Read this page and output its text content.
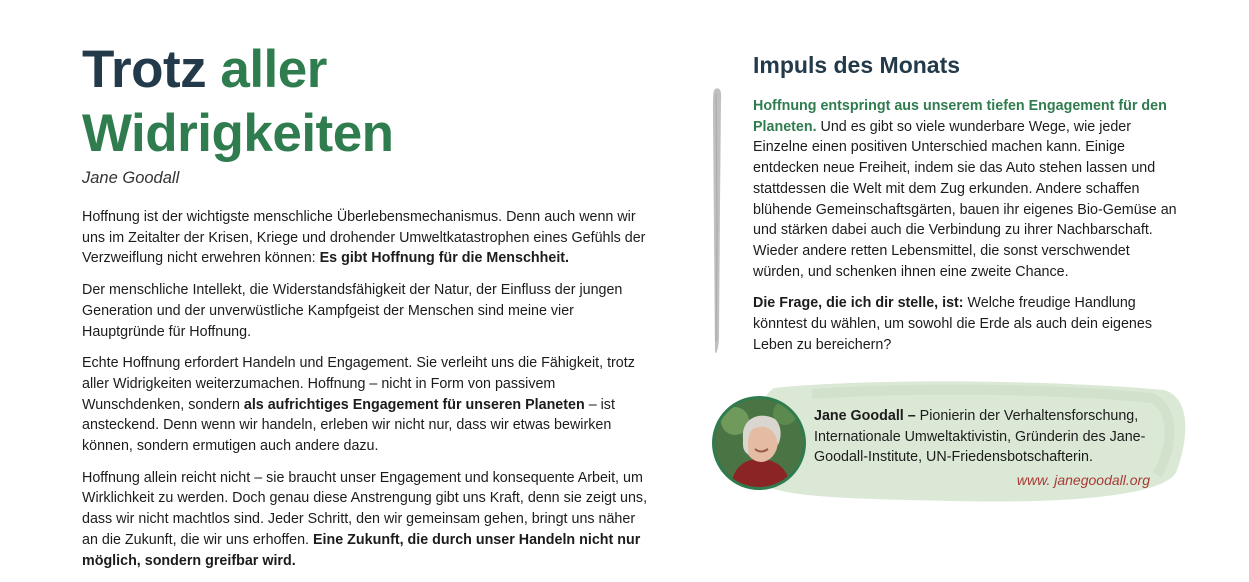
Trotz aller Widrigkeiten
Jane Goodall

Hoffnung ist der wichtigste menschliche Überlebensmechanismus. Denn auch wenn wir uns im Zeitalter der Krisen, Kriege und drohender Umweltkatastrophen eines Gefühls der Verzweiflung nicht erwehren können: Es gibt Hoffnung für die Menschheit.

Der menschliche Intellekt, die Widerstandsfähigkeit der Natur, der Einfluss der jungen Generation und der unverwüstliche Kampfgeist der Menschen sind meine vier Hauptgründe für Hoffnung.

Echte Hoffnung erfordert Handeln und Engagement. Sie verleiht uns die Fähigkeit, trotz aller Widrigkeiten weiterzumachen. Hoffnung – nicht in Form von passivem Wunschdenken, sondern als aufrichtiges Engagement für unseren Planeten – ist ansteckend. Denn wenn wir handeln, erleben wir nicht nur, dass wir etwas bewirken können, sondern ermutigen auch andere dazu.

Hoffnung allein reicht nicht – sie braucht unser Engagement und konsequente Arbeit, um Wirklichkeit zu werden. Doch genau diese Anstrengung gibt uns Kraft, denn sie zeigt uns, dass wir nicht machtlos sind. Jeder Schritt, den wir gemeinsam gehen, bringt uns näher an die Zukunft, die wir uns erhoffen. Eine Zukunft, die durch unser Handeln nicht nur möglich, sondern greifbar wird.

Impuls des Monats

Hoffnung entspringt aus unserem tiefen Engagement für den Planeten. Und es gibt so viele wunderbare Wege, wie jeder Einzelne einen positiven Unterschied machen kann. Einige entdecken neue Freiheit, indem sie das Auto stehen lassen und stattdessen die Welt mit dem Zug erkunden. Andere schaffen blühende Gemeinschaftsgärten, bauen ihr eigenes Bio-Gemüse an und stärken dabei auch die Verbindung zu ihrer Nachbarschaft. Wieder andere retten Lebensmittel, die sonst verschwendet würden, und schenken ihnen eine zweite Chance.

Die Frage, die ich dir stelle, ist: Welche freudige Handlung könntest du wählen, um sowohl die Erde als auch dein eigenes Leben zu bereichern?

Jane Goodall – Pionierin der Verhaltensforschung, Internationale Umweltaktivistin, Gründerin des Jane-Goodall-Institute, UN-Friedensbotschafterin.
www. janegoodall.org
